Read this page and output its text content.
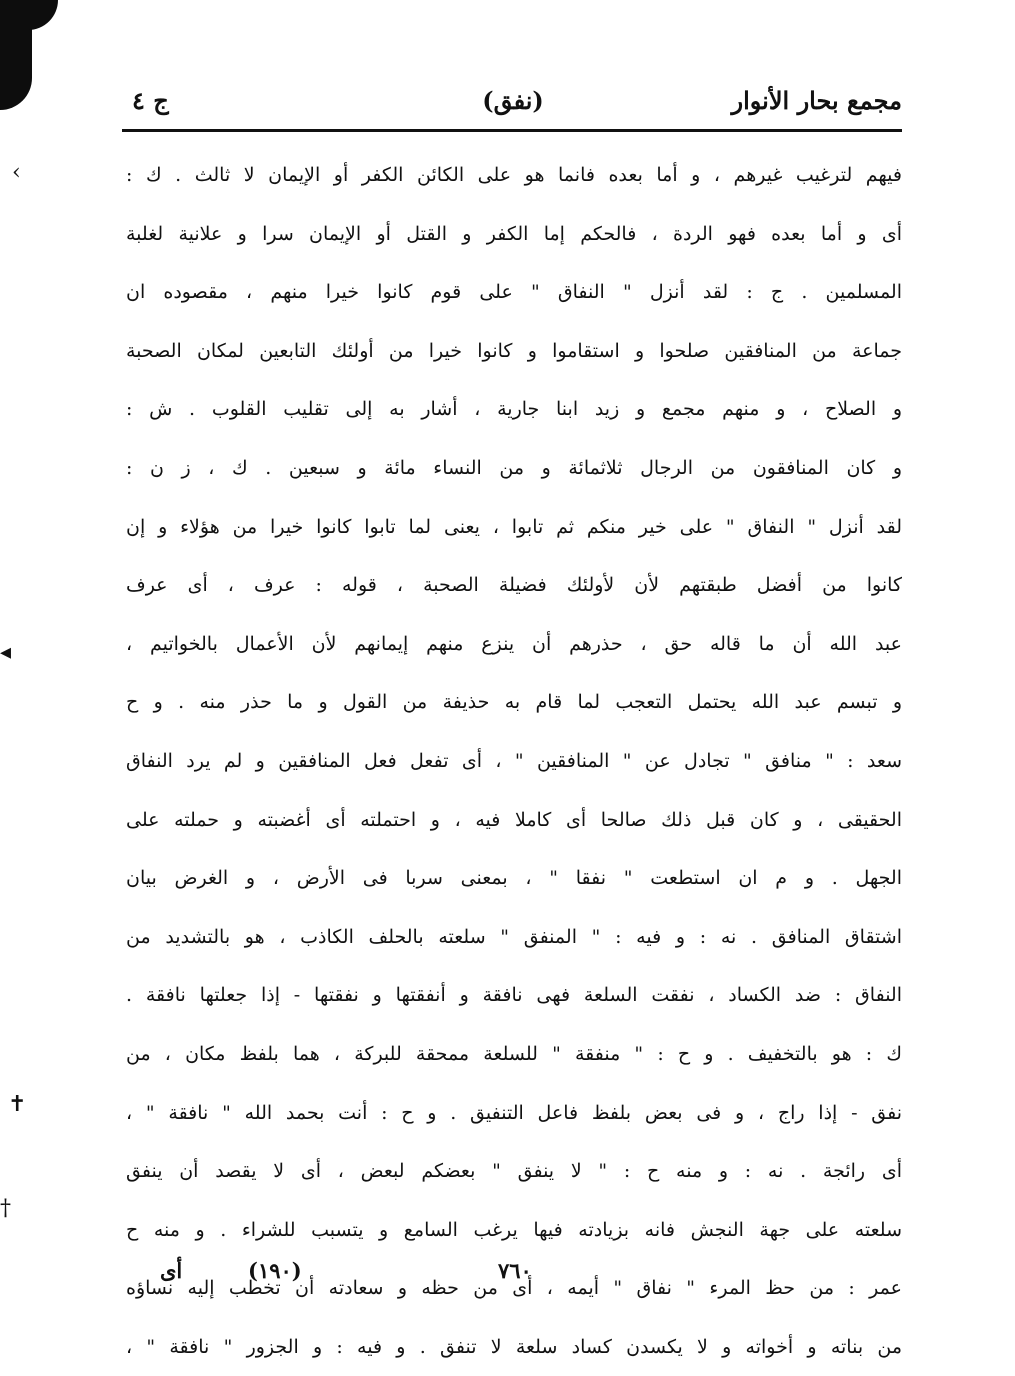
‹
◂
✝
†
مجمع بحار الأنوار
(نفق)
ج ٤
فيهم لترغيب غيرهم ، و أما بعده فانما هو على الكائن الكفر أو الإيمان لا ثالث . ك :
أى و أما بعده فهو الردة ، فالحكم إما الكفر و القتل أو الإيمان سرا و علانية لغلبة
المسلمين . ج : لقد أنزل " النفاق " على قوم كانوا خيرا منهم ، مقصوده ان
جماعة من المنافقين صلحوا و استقاموا و كانوا خيرا من أولئك التابعين لمكان الصحبة
و الصلاح ، و منهم مجمع و زيد ابنا جارية ، أشار به إلى تقليب القلوب . ش :
و كان المنافقون من الرجال ثلاثمائة و من النساء مائة و سبعين . ك ، ز ن :
لقد أنزل " النفاق " على خير منكم ثم تابوا ، يعنى لما تابوا كانوا خيرا من هؤلاء و إن
كانوا من أفضل طبقتهم لأن لأولئك فضيلة الصحبة ، قوله : عرف ، أى عرف
عبد الله أن ما قاله حق ، حذرهم أن ينزع منهم إيمانهم لأن الأعمال بالخواتيم ،
و تبسم عبد الله يحتمل التعجب لما قام به حذيفة من القول و ما حذر منه . و ح
سعد : " منافق " تجادل عن " المنافقين " ، أى تفعل فعل المنافقين و لم يرد النفاق
الحقيقى ، و كان قبل ذلك صالحا أى كاملا فيه ، و احتملته أى أغضبته و حملته على
الجهل . و م ان استطعت " نفقا " ، بمعنى سربا فى الأرض ، و الغرض بيان
اشتقاق المنافق . نه : و فيه : " المنفق " سلعته بالحلف الكاذب ، هو بالتشديد من
النفاق : ضد الكساد ، نفقت السلعة فهى نافقة و أنفقتها و نفقتها - إذا جعلتها نافقة .
ك : هو بالتخفيف . و ح : " منفقة " للسلعة ممحقة للبركة ، هما بلفظ مكان ، من
نفق - إذا راج ، و فى بعض بلفظ فاعل التنفيق . و ح : أنت بحمد الله " نافقة " ،
أى رائجة . نه : و منه ح : " لا ينفق " بعضكم لبعض ، أى لا يقصد أن ينفق
سلعته على جهة النجش فانه بزيادته فيها يرغب السامع و يتسبب للشراء . و منه ح
عمر : من حظ المرء " نفاق " أيمه ، أى من حظه و سعادته أن تخطب إليه نساؤه
من بناته و أخواته و لا يكسدن كساد سلعة لا تنفق . و فيه : و الجزور " نافقة " ،
أى	(١٩٠)	٧٦٠
